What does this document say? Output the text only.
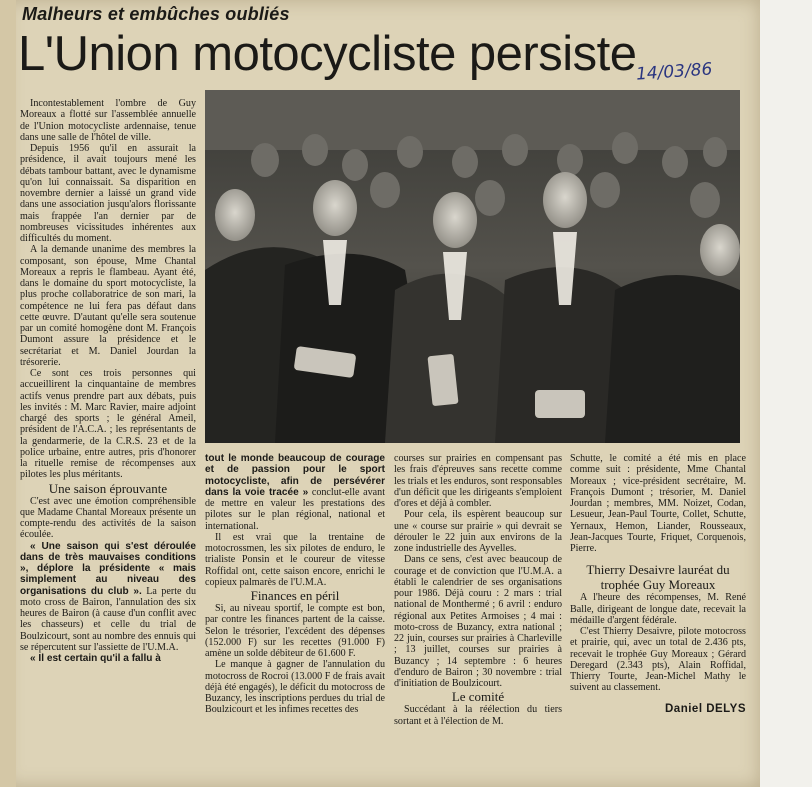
Malheurs et embûches oubliés
L'Union motocycliste persiste
14/03/86

Incontestablement l'ombre de Guy Moreaux a flotté sur l'assemblée annuelle de l'Union motocycliste ardennaise, tenue dans une salle de l'hôtel de ville.

Depuis 1956 qu'il en assurait la présidence, il avait toujours mené les débats tambour battant, avec le dynamisme qu'on lui connaissait. Sa disparition en novembre dernier a laissé un grand vide dans une association jusqu'alors florissante mais frappée l'an dernier par de nombreuses vicissitudes inhérentes aux difficultés du moment.

A la demande unanime des membres la composant, son épouse, Mme Chantal Moreaux a repris le flambeau. Ayant été, dans le domaine du sport motocycliste, la plus proche collaboratrice de son mari, la compétence ne lui fera pas défaut dans cette œuvre. D'autant qu'elle sera soutenue par un comité homogène dont M. François Dumont assure la présidence et le secrétariat et M. Daniel Jourdan la trésorerie.

Ce sont ces trois personnes qui accueillirent la cinquantaine de membres actifs venus prendre part aux débats, puis les invités : M. Marc Ravier, maire adjoint chargé des sports ; le général Ameil, président de l'A.C.A. ; les représentants de la gendarmerie, de la C.R.S. 23 et de la police urbaine, entre autres, pris d'honorer la rituelle remise de récompenses aux pilotes les plus méritants.

Une saison éprouvante

C'est avec une émotion compréhensible que Madame Chantal Moreaux présente un compte-rendu des activités de la saison écoulée.

« Une saison qui s'est déroulée dans de très mauvaises conditions », déplore la présidente « mais simplement au niveau des organisations du club ». La perte du moto cross de Bairon, l'annulation des six heures de Bairon (à cause d'un conflit avec les chasseurs) et celle du trial de Boulzicourt, sont au nombre des ennuis qui se répercutent sur l'assiette de l'U.M.A.

« Il est certain qu'il a fallu à

tout le monde beaucoup de courage et de passion pour le sport motocycliste, afin de persévérer dans la voie tracée » conclut-elle avant de mettre en valeur les prestations des pilotes sur le plan régional, national et international.

Il est vrai que la trentaine de motocrossmen, les six pilotes de enduro, le trialiste Ponsin et le coureur de vitesse Roffidal ont, cette saison encore, enrichi le copieux palmarès de l'U.M.A.

Finances en péril

Si, au niveau sportif, le compte est bon, par contre les finances partent de la caisse. Selon le trésorier, l'excédent des dépenses (152.000 F) sur les recettes (91.000 F) amène un solde débiteur de 61.600 F.

Le manque à gagner de l'annulation du motocross de Rocroi (13.000 F de frais avait déjà été engagés), le déficit du motocross de Buzancy, les inscriptions perdues du trial de Boulzicourt et les infimes recettes des

courses sur prairies en compensant pas les frais d'épreuves sans recette comme les trials et les enduros, sont responsables d'un déficit que les dirigeants s'emploient d'ores et déjà à combler.

Pour cela, ils espèrent beaucoup sur une « course sur prairie » qui devrait se dérouler le 22 juin aux environs de la zone industrielle des Ayvelles.

Dans ce sens, c'est avec beaucoup de courage et de conviction que l'U.M.A. a établi le calendrier de ses organisations pour 1986. Déjà couru : 2 mars : trial national de Monthermé ; 6 avril : enduro régional aux Petites Armoises ; 4 mai : moto-cross de Buzancy, extra national ; 22 juin, courses sur prairies à Charleville ; 13 juillet, courses sur prairies à Buzancy ; 14 septembre : 6 heures d'enduro de Bairon ; 30 novembre : trial d'initiation de Boulzicourt.

Le comité

Succédant à la réélection du tiers sortant et à l'élection de M.

Schutte, le comité a été mis en place comme suit : présidente, Mme Chantal Moreaux ; vice-président secrétaire, M. François Dumont ; trésorier, M. Daniel Jourdan ; membres, MM. Noizet, Codan, Lesueur, Jean-Paul Tourte, Collet, Schutte, Yernaux, Hemon, Liander, Rousseaux, Jean-Jacques Tourte, Friquet, Corquenois, Pierre.

Thierry Desaivre lauréat du trophée Guy Moreaux

A l'heure des récompenses, M. René Balle, dirigeant de longue date, recevait la médaille d'argent fédérale.

C'est Thierry Desaivre, pilote motocross et prairie, qui, avec un total de 2.436 pts, recevait le trophée Guy Moreaux ; Gérard Deregard (2.343 pts), Alain Roffidal, Thierry Tourte, Jean-Michel Mathy le suivent au classement.

Daniel DELYS
